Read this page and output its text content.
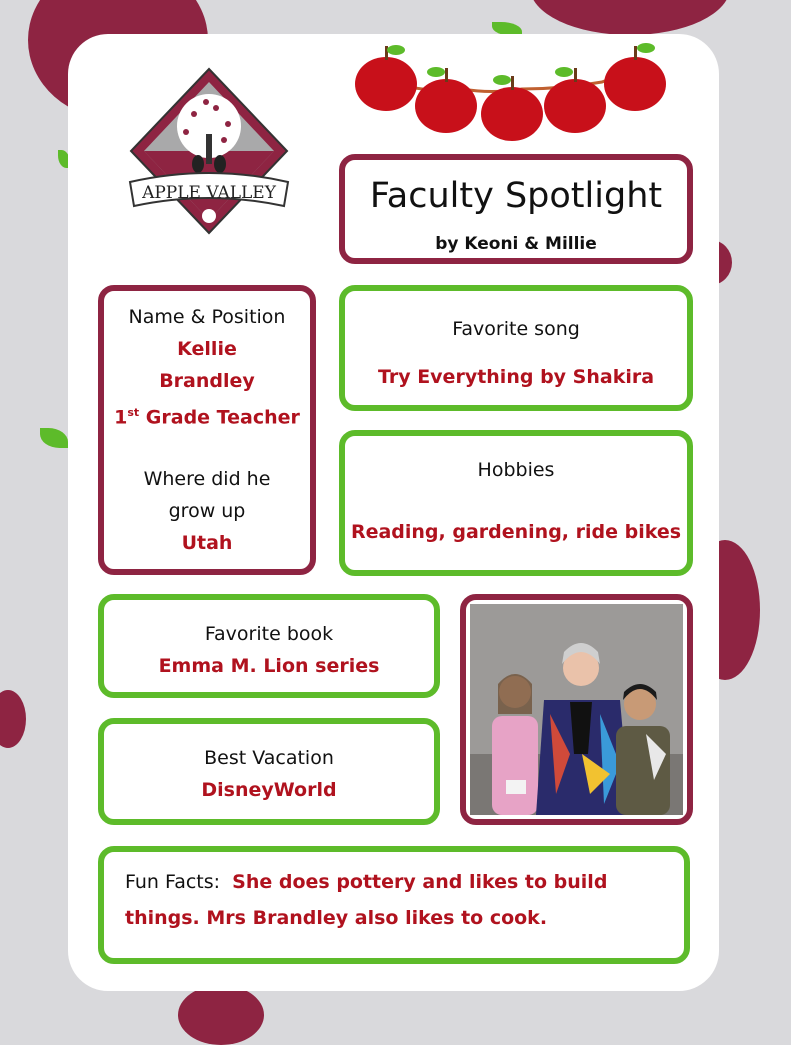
APPLE VALLEY	Faculty Spotlight
by Keoni & Millie
Name & Position
Kellie
Brandley
1st Grade Teacher
Where did he
grow up
Utah
Favorite song
Try Everything by Shakira
Hobbies
Reading, gardening, ride bikes
Favorite book
Emma M. Lion series
Best Vacation
DisneyWorld
Fun Facts: She does pottery and likes to build
things. Mrs Brandley also likes to cook.
